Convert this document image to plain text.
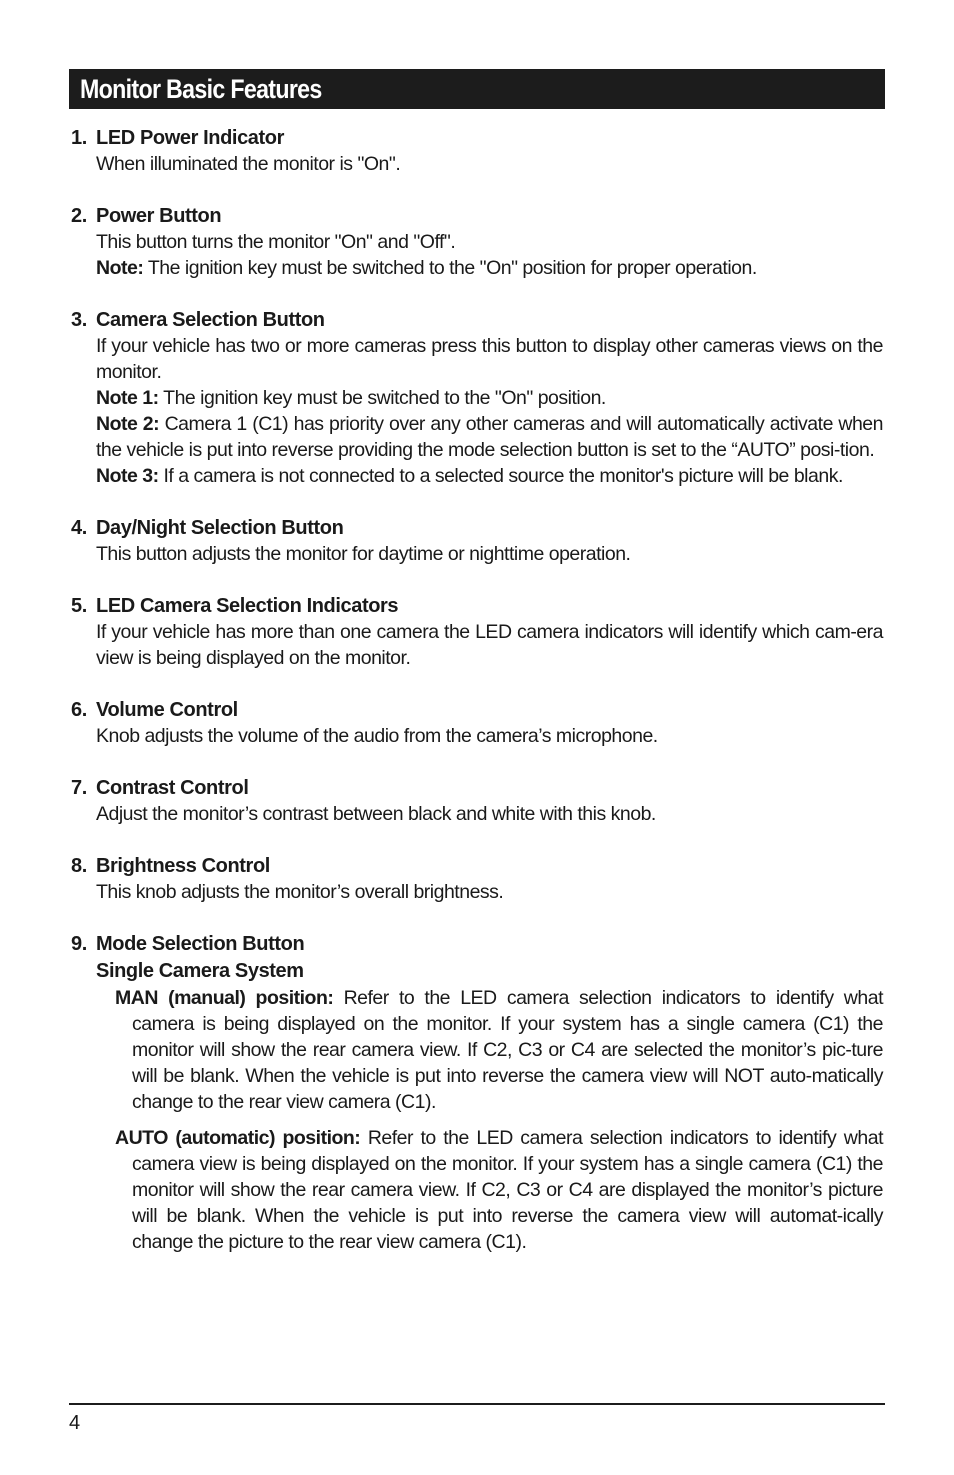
Monitor Basic Features
1. LED Power Indicator

When illuminated the monitor is "On".

2. Power Button

This button turns the monitor "On" and "Off".

Note: The ignition key must be switched to the "On" position for proper operation.

3. Camera Selection Button

If your vehicle has two or more cameras press this button to display other cameras views on the monitor.

Note 1: The ignition key must be switched to the "On" position.

Note 2: Camera 1 (C1) has priority over any other cameras and will automatically activate when the vehicle is put into reverse providing the mode selection button is set to the “AUTO” posi-tion.

Note 3: If a camera is not connected to a selected source the monitor's picture will be blank.

4. Day/Night Selection Button

This button adjusts the monitor for daytime or nighttime operation.

5. LED Camera Selection Indicators

If your vehicle has more than one camera the LED camera indicators will identify which cam-era view is being displayed on the monitor.

6. Volume Control

Knob adjusts the volume of the audio from the camera’s microphone.

7. Contrast Control

Adjust the monitor’s contrast between black and white with this knob.

8. Brightness Control

This knob adjusts the monitor’s overall brightness.

9. Mode Selection Button
Single Camera System
MAN (manual) position: Refer to the LED camera selection indicators to identify what camera is being displayed on the monitor. If your system has a single camera (C1) the monitor will show the rear camera view. If C2, C3 or C4 are selected the monitor’s pic-ture will be blank. When the vehicle is put into reverse the camera view will NOT auto-matically change to the rear view camera (C1).
AUTO (automatic) position: Refer to the LED camera selection indicators to identify what camera view is being displayed on the monitor. If your system has a single camera (C1) the monitor will show the rear camera view. If C2, C3 or C4 are displayed the monitor’s picture will be blank. When the vehicle is put into reverse the camera view will automat-ically change the picture to the rear view camera (C1).
4
